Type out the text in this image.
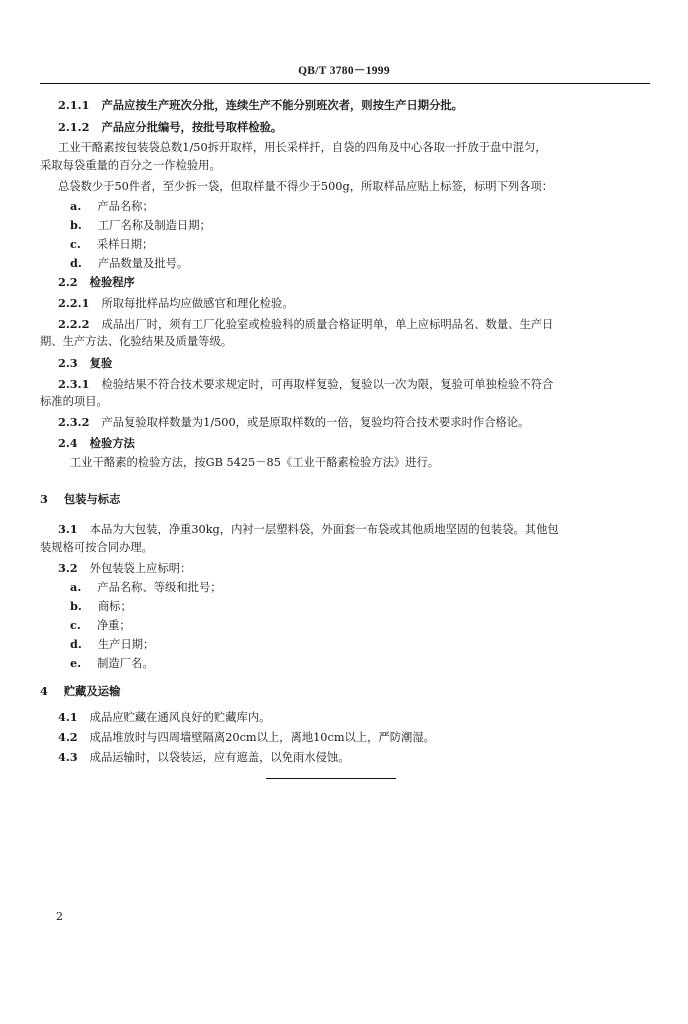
QB/T 3780－1999
2.1.1 产品应按生产班次分批，连续生产不能分别班次者，则按生产日期分批。
2.1.2 产品应分批编号，按批号取样检验。
工业干酪素按包装袋总数1/50拆开取样，用长采样扦，自袋的四角及中心各取一扦放于盘中混匀，
采取每袋重量的百分之一作检验用。
总袋数少于50件者，至少拆一袋，但取样量不得少于500g，所取样品应贴上标签，标明下列各项：
a. 产品名称；
b. 工厂名称及制造日期；
c. 采样日期；
d. 产品数量及批号。
2.2 检验程序
2.2.1 所取每批样品均应做感官和理化检验。
2.2.2 成品出厂时，须有工厂化验室或检验科的质量合格证明单，单上应标明品名、数量、生产日
期、生产方法、化验结果及质量等级。
2.3 复验
2.3.1 检验结果不符合技术要求规定时，可再取样复验，复验以一次为限，复验可单独检验不符合
标准的项目。
2.3.2 产品复验取样数量为1/500，或是原取样数的一倍，复验均符合技术要求时作合格论。
2.4 检验方法
工业干酪素的检验方法，按GB 5425－85《工业干酪素检验方法》进行。
3 包装与标志
3.1 本品为大包装，净重30kg，内衬一层塑料袋，外面套一布袋或其他质地坚固的包装袋。其他包
装规格可按合同办理。
3.2 外包装袋上应标明：
a. 产品名称、等级和批号；
b. 商标；
c. 净重；
d. 生产日期；
e. 制造厂名。
4 贮藏及运输
4.1 成品应贮藏在通风良好的贮藏库内。
4.2 成品堆放时与四周墙壁隔离20cm以上，离地10cm以上，严防潮湿。
4.3 成品运输时，以袋装运，应有遮盖，以免雨水侵蚀。
2
